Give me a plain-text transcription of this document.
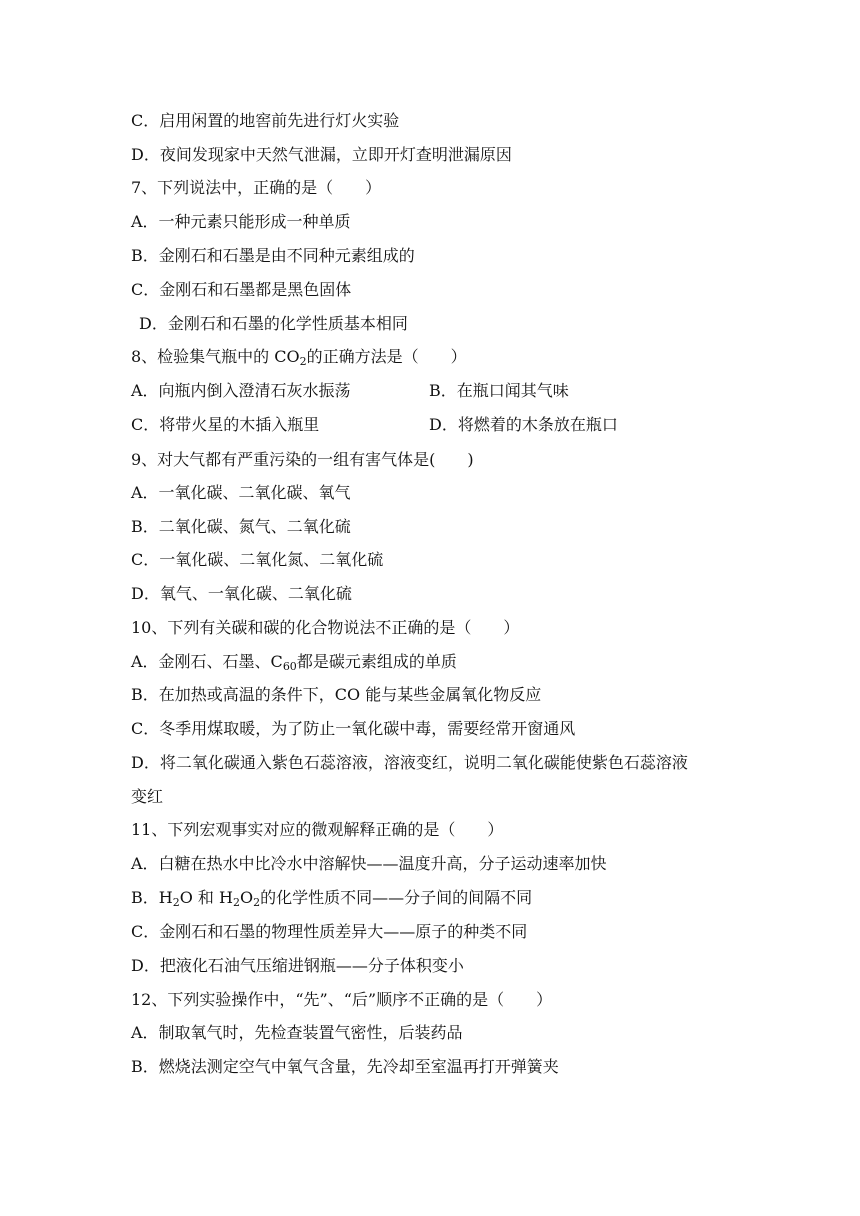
C．启用闲置的地窖前先进行灯火实验
D．夜间发现家中天然气泄漏，立即开灯查明泄漏原因
7、下列说法中，正确的是（　　）
A．一种元素只能形成一种单质
B．金刚石和石墨是由不同种元素组成的
C．金刚石和石墨都是黑色固体
D．金刚石和石墨的化学性质基本相同
8、检验集气瓶中的 $CO_2$的正确方法是（　　）
A．向瓶内倒入澄清石灰水振荡	B．在瓶口闻其气味
C．将带火星的木插入瓶里	D．将燃着的木条放在瓶口
9、对大气都有严重污染的一组有害气体是(　　)
A．一氧化碳、二氧化碳、氧气
B．二氧化碳、氮气、二氧化硫
C．一氧化碳、二氧化氮、二氧化硫
D．氧气、一氧化碳、二氧化硫
10、下列有关碳和碳的化合物说法不正确的是（　　）
A．金刚石、石墨、$C_{60}$都是碳元素组成的单质
B．在加热或高温的条件下，CO 能与某些金属氧化物反应
C．冬季用煤取暖，为了防止一氧化碳中毒，需要经常开窗通风
D．将二氧化碳通入紫色石蕊溶液，溶液变红，说明二氧化碳能使紫色石蕊溶液
变红
11、下列宏观事实对应的微观解释正确的是（　　）
A．白糖在热水中比冷水中溶解快——温度升高，分子运动速率加快
B．$H_2O$ 和 $H_2O_2$的化学性质不同——分子间的间隔不同
C．金刚石和石墨的物理性质差异大——原子的种类不同
D．把液化石油气压缩进钢瓶——分子体积变小
12、下列实验操作中，“先”、“后”顺序不正确的是（　　）
A．制取氧气时，先检查装置气密性，后装药品
B．燃烧法测定空气中氧气含量，先冷却至室温再打开弹簧夹
